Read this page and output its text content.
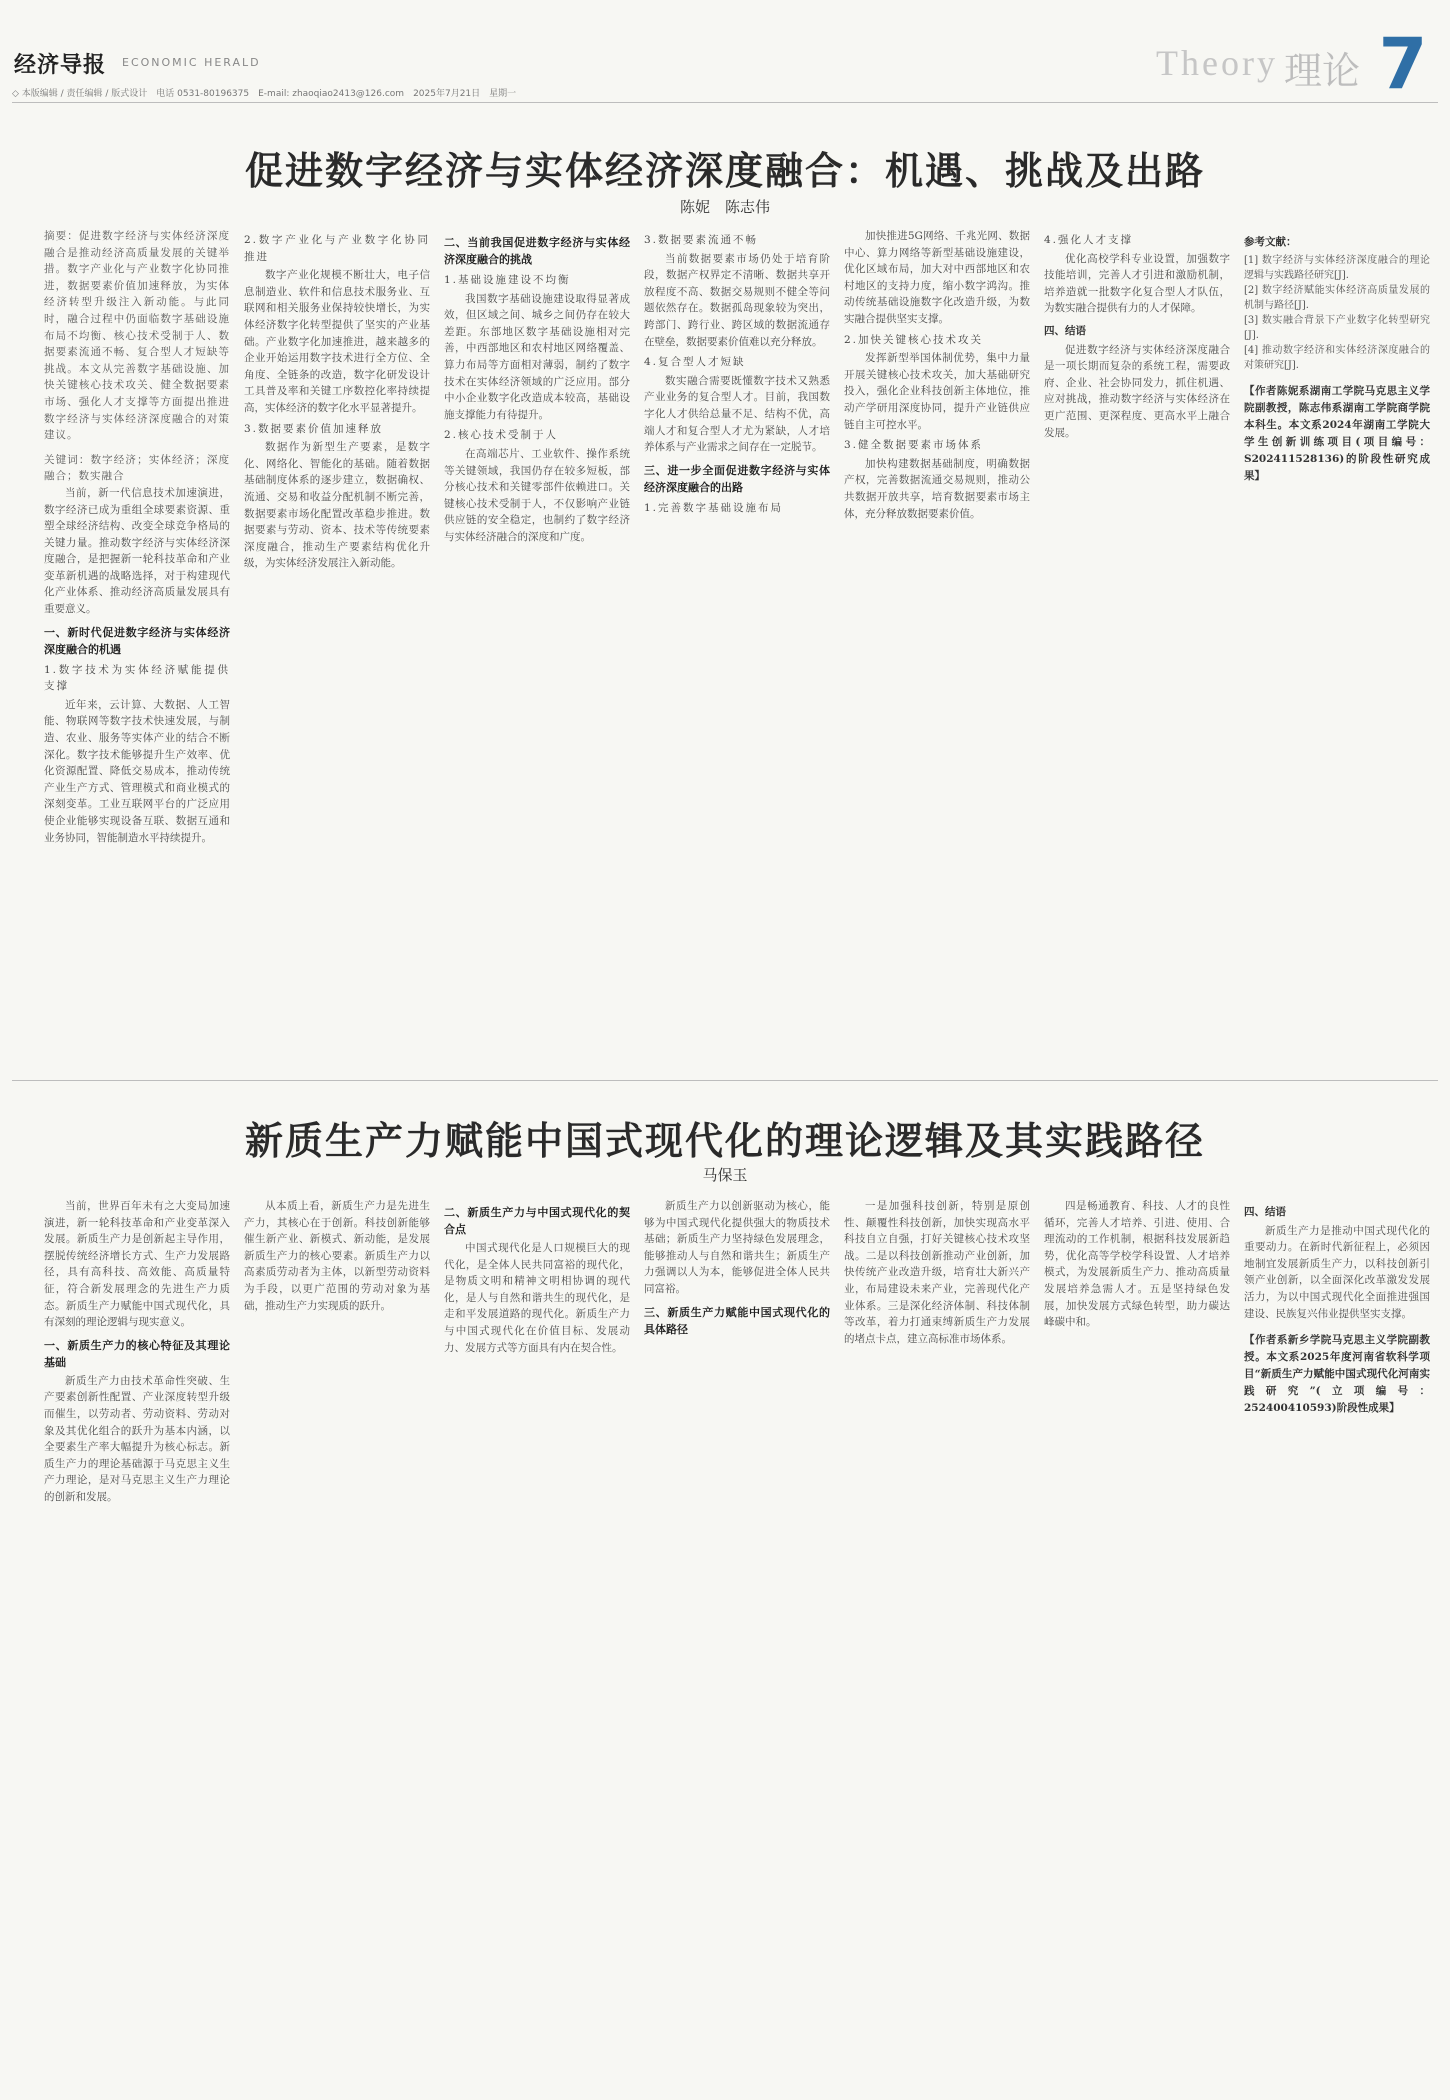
经济导报 ECONOMIC HERALD	Theory 理论 7
◇ 本版编辑 / 责任编辑 / 版式设计　电话 0531-80196375　E-mail: zhaoqiao2413@126.com　2025年7月21日　星期一
促进数字经济与实体经济深度融合：机遇、挑战及出路
陈妮　陈志伟

摘要：促进数字经济与实体经济深度融合是推动经济高质量发展的关键举措。数字产业化与产业数字化协同推进，数据要素价值加速释放，为实体经济转型升级注入新动能。与此同时，融合过程中仍面临数字基础设施布局不均衡、核心技术受制于人、数据要素流通不畅、复合型人才短缺等挑战。本文从完善数字基础设施、加快关键核心技术攻关、健全数据要素市场、强化人才支撑等方面提出推进数字经济与实体经济深度融合的对策建议。

关键词：数字经济；实体经济；深度融合；数实融合

当前，新一代信息技术加速演进，数字经济已成为重组全球要素资源、重塑全球经济结构、改变全球竞争格局的关键力量。推动数字经济与实体经济深度融合，是把握新一轮科技革命和产业变革新机遇的战略选择，对于构建现代化产业体系、推动经济高质量发展具有重要意义。

一、新时代促进数字经济与实体经济深度融合的机遇

1.数字技术为实体经济赋能提供支撑

近年来，云计算、大数据、人工智能、物联网等数字技术快速发展，与制造、农业、服务等实体产业的结合不断深化。数字技术能够提升生产效率、优化资源配置、降低交易成本，推动传统产业生产方式、管理模式和商业模式的深刻变革。工业互联网平台的广泛应用使企业能够实现设备互联、数据互通和业务协同，智能制造水平持续提升。

2.数字产业化与产业数字化协同推进

数字产业化规模不断壮大，电子信息制造业、软件和信息技术服务业、互联网和相关服务业保持较快增长，为实体经济数字化转型提供了坚实的产业基础。产业数字化加速推进，越来越多的企业开始运用数字技术进行全方位、全角度、全链条的改造，数字化研发设计工具普及率和关键工序数控化率持续提高，实体经济的数字化水平显著提升。

3.数据要素价值加速释放

数据作为新型生产要素，是数字化、网络化、智能化的基础。随着数据基础制度体系的逐步建立，数据确权、流通、交易和收益分配机制不断完善，数据要素市场化配置改革稳步推进。数据要素与劳动、资本、技术等传统要素深度融合，推动生产要素结构优化升级，为实体经济发展注入新动能。

二、当前我国促进数字经济与实体经济深度融合的挑战

1.基础设施建设不均衡

我国数字基础设施建设取得显著成效，但区域之间、城乡之间仍存在较大差距。东部地区数字基础设施相对完善，中西部地区和农村地区网络覆盖、算力布局等方面相对薄弱，制约了数字技术在实体经济领域的广泛应用。部分中小企业数字化改造成本较高，基础设施支撑能力有待提升。

2.核心技术受制于人

在高端芯片、工业软件、操作系统等关键领域，我国仍存在较多短板，部分核心技术和关键零部件依赖进口。关键核心技术受制于人，不仅影响产业链供应链的安全稳定，也制约了数字经济与实体经济融合的深度和广度。

3.数据要素流通不畅

当前数据要素市场仍处于培育阶段，数据产权界定不清晰、数据共享开放程度不高、数据交易规则不健全等问题依然存在。数据孤岛现象较为突出，跨部门、跨行业、跨区域的数据流通存在壁垒，数据要素价值难以充分释放。

4.复合型人才短缺

数实融合需要既懂数字技术又熟悉产业业务的复合型人才。目前，我国数字化人才供给总量不足、结构不优，高端人才和复合型人才尤为紧缺，人才培养体系与产业需求之间存在一定脱节。

三、进一步全面促进数字经济与实体经济深度融合的出路

1.完善数字基础设施布局

加快推进5G网络、千兆光网、数据中心、算力网络等新型基础设施建设，优化区域布局，加大对中西部地区和农村地区的支持力度，缩小数字鸿沟。推动传统基础设施数字化改造升级，为数实融合提供坚实支撑。

2.加快关键核心技术攻关

发挥新型举国体制优势，集中力量开展关键核心技术攻关，加大基础研究投入，强化企业科技创新主体地位，推动产学研用深度协同，提升产业链供应链自主可控水平。

3.健全数据要素市场体系

加快构建数据基础制度，明确数据产权，完善数据流通交易规则，推动公共数据开放共享，培育数据要素市场主体，充分释放数据要素价值。

4.强化人才支撑

优化高校学科专业设置，加强数字技能培训，完善人才引进和激励机制，培养造就一批数字化复合型人才队伍，为数实融合提供有力的人才保障。

四、结语

促进数字经济与实体经济深度融合是一项长期而复杂的系统工程，需要政府、企业、社会协同发力，抓住机遇、应对挑战，推动数字经济与实体经济在更广范围、更深程度、更高水平上融合发展。

参考文献：

[1] 数字经济与实体经济深度融合的理论逻辑与实践路径研究[J].

[2] 数字经济赋能实体经济高质量发展的机制与路径[J].

[3] 数实融合背景下产业数字化转型研究[J].

[4] 推动数字经济和实体经济深度融合的对策研究[J].

【作者陈妮系湖南工学院马克思主义学院副教授，陈志伟系湖南工学院商学院本科生。本文系2024年湖南工学院大学生创新训练项目(项目编号：S202411528136)的阶段性研究成果】

新质生产力赋能中国式现代化的理论逻辑及其实践路径
马保玉

当前，世界百年未有之大变局加速演进，新一轮科技革命和产业变革深入发展。新质生产力是创新起主导作用，摆脱传统经济增长方式、生产力发展路径，具有高科技、高效能、高质量特征，符合新发展理念的先进生产力质态。新质生产力赋能中国式现代化，具有深刻的理论逻辑与现实意义。

一、新质生产力的核心特征及其理论基础

新质生产力由技术革命性突破、生产要素创新性配置、产业深度转型升级而催生，以劳动者、劳动资料、劳动对象及其优化组合的跃升为基本内涵，以全要素生产率大幅提升为核心标志。新质生产力的理论基础源于马克思主义生产力理论，是对马克思主义生产力理论的创新和发展。

从本质上看，新质生产力是先进生产力，其核心在于创新。科技创新能够催生新产业、新模式、新动能，是发展新质生产力的核心要素。新质生产力以高素质劳动者为主体，以新型劳动资料为手段，以更广范围的劳动对象为基础，推动生产力实现质的跃升。

二、新质生产力与中国式现代化的契合点

中国式现代化是人口规模巨大的现代化，是全体人民共同富裕的现代化，是物质文明和精神文明相协调的现代化，是人与自然和谐共生的现代化，是走和平发展道路的现代化。新质生产力与中国式现代化在价值目标、发展动力、发展方式等方面具有内在契合性。

新质生产力以创新驱动为核心，能够为中国式现代化提供强大的物质技术基础；新质生产力坚持绿色发展理念，能够推动人与自然和谐共生；新质生产力强调以人为本，能够促进全体人民共同富裕。

三、新质生产力赋能中国式现代化的具体路径

一是加强科技创新，特别是原创性、颠覆性科技创新，加快实现高水平科技自立自强，打好关键核心技术攻坚战。二是以科技创新推动产业创新，加快传统产业改造升级，培育壮大新兴产业，布局建设未来产业，完善现代化产业体系。三是深化经济体制、科技体制等改革，着力打通束缚新质生产力发展的堵点卡点，建立高标准市场体系。

四是畅通教育、科技、人才的良性循环，完善人才培养、引进、使用、合理流动的工作机制，根据科技发展新趋势，优化高等学校学科设置、人才培养模式，为发展新质生产力、推动高质量发展培养急需人才。五是坚持绿色发展，加快发展方式绿色转型，助力碳达峰碳中和。

四、结语

新质生产力是推动中国式现代化的重要动力。在新时代新征程上，必须因地制宜发展新质生产力，以科技创新引领产业创新，以全面深化改革激发发展活力，为以中国式现代化全面推进强国建设、民族复兴伟业提供坚实支撑。

【作者系新乡学院马克思主义学院副教授。本文系2025年度河南省软科学项目“新质生产力赋能中国式现代化河南实践研究”(立项编号：252400410593)阶段性成果】
